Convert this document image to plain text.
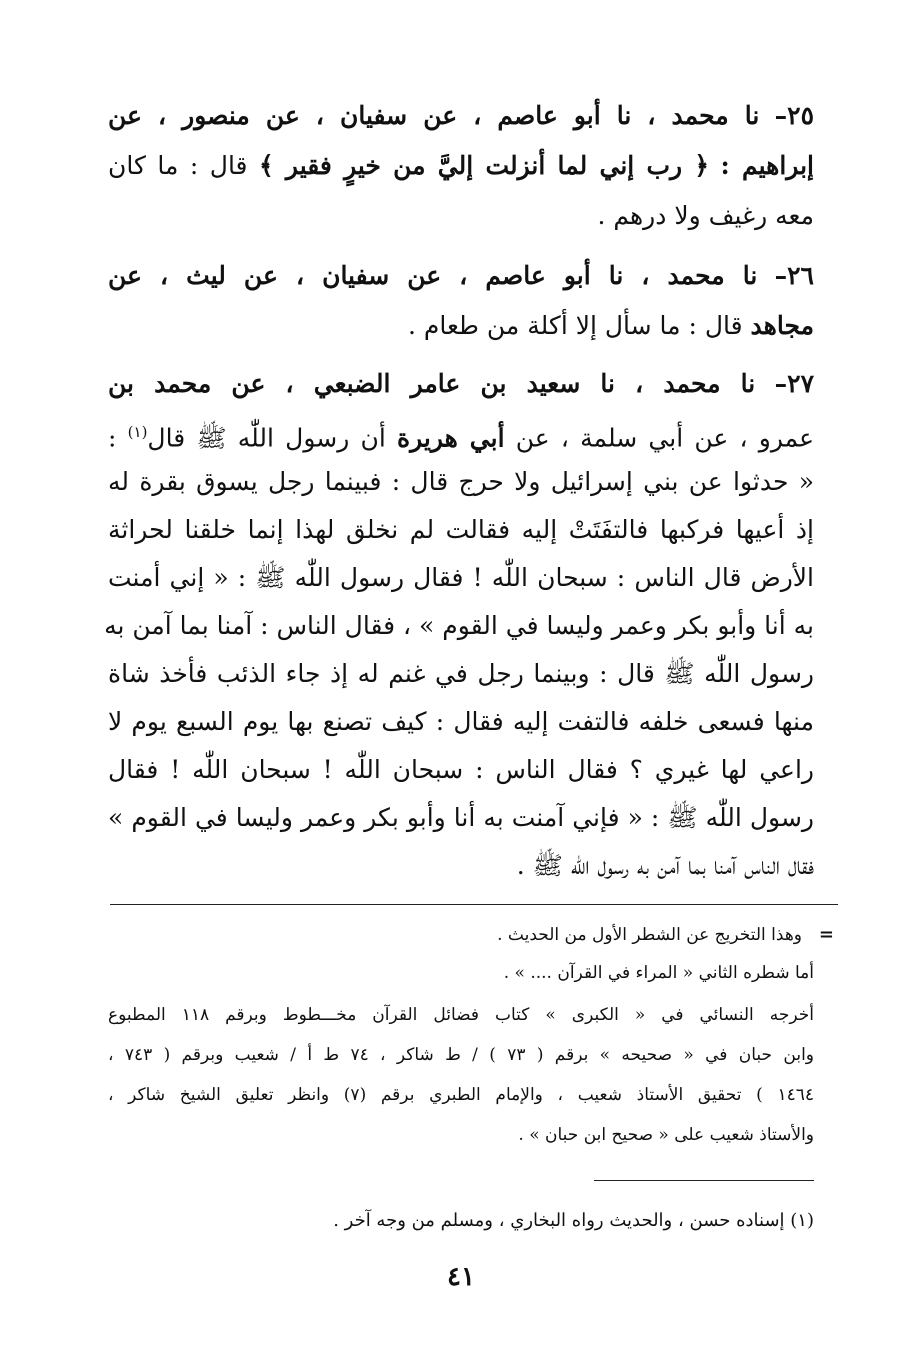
٢٥– نا محمد ، نا أبو عاصم ، عن سفيان ، عن منصور ، عن
إبراهيم : ﴿ رب إني لما أنزلت إليَّ من خيرٍ فقير ﴾ قال : ما كان
معه رغيف ولا درهم .
٢٦– نا محمد ، نا أبو عاصم ، عن سفيان ، عن ليث ، عن
مجاهد قال : ما سأل إلا أكلة من طعام .
٢٧– نا محمد ، نا سعيد بن عامر الضبعي ، عن محمد بن
عمرو ، عن أبي سلمة ، عن أبي هريرة أن رسول اللّٰه ﷺ قال$^{(١)}$ :
« حدثوا عن بني إسرائيل ولا حرج قال : فبينما رجل يسوق بقرة له
إذ أعيها فركبها فالتفَتَتْ إليه فقالت لم نخلق لهذا إنما خلقنا لحراثة
الأرض قال الناس : سبحان اللّٰه ! فقال رسول اللّٰه ﷺ : « إني أمنت
به أنا وأبو بكر وعمر وليسا في القوم » ، فقال الناس : آمنا بما آمن به
رسول اللّٰه ﷺ قال : وبينما رجل في غنم له إذ جاء الذئب فأخذ شاة
منها فسعى خلفه فالتفت إليه فقال : كيف تصنع بها يوم السبع يوم لا
راعي لها غيري ؟ فقال الناس : سبحان اللّٰه ! سبحان اللّٰه ! فقال
رسول اللّٰه ﷺ : « فإني آمنت به أنا وأبو بكر وعمر وليسا في القوم »
فقال الناس آمنا بما آمن به رسول اللّٰه ﷺ .
=
وهذا التخريج عن الشطر الأول من الحديث .
أما شطره الثاني « المراء في القرآن .... » .
أخرجه النسائي في « الكبرى » كتاب فضائل القرآن مخـــطوط وبرقم ١١٨ المطبوع
وابن حبان في « صحيحه » برقم ( ٧٣ ) / ط شاكر ، ٧٤ ط أ / شعيب وبرقم ( ٧٤٣ ،
١٤٦٤ ) تحقيق الأستاذ شعيب ، والإمام الطبري برقم (٧) وانظر تعليق الشيخ شاكر ،
والأستاذ شعيب على « صحيح ابن حبان » .
(١) إسناده حسن ، والحديث رواه البخاري ، ومسلم من وجه آخر .
٤١
